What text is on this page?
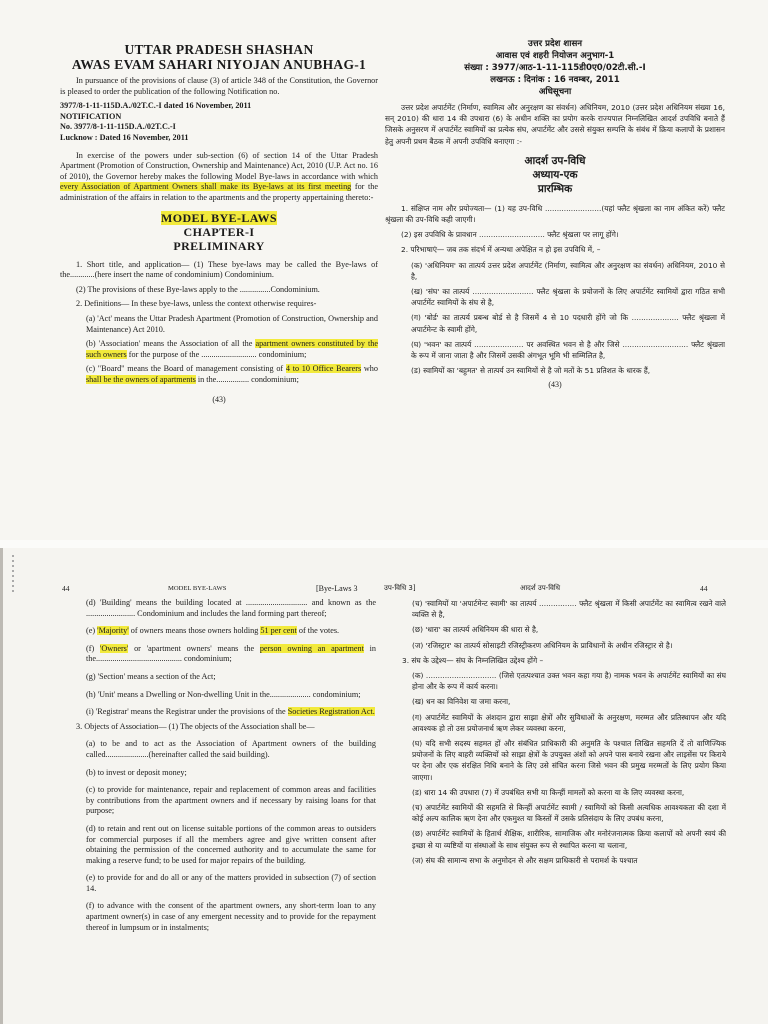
UTTAR PRADESH SHASHAN
AWAS EVAM SAHARI NIYOJAN ANUBHAG-1

In pursuance of the provisions of clause (3) of article 348 of the Constitution, the Governor is pleased to order the publication of the following Notification no.

3977/8-1-11-115D.A./02T.C.-I dated 16 November, 2011

NOTIFICATION

No. 3977/8-1-11-115D.A./02T.C.-I

Lucknow : Dated 16 November, 2011

In exercise of the powers under sub-section (6) of section 14 of the Uttar Pradesh Apartment (Promotion of Construction, Ownership and Maintenance) Act, 2010 (U.P. Act no. 16 of 2010), the Governor hereby makes the following Model Bye-laws in accordance with which every Association of Apartment Owners shall make its Bye-laws at its first meeting for the administration of the affairs in relation to the apartments and the property appertaining thereto:-

MODEL BYE-LAWS
CHAPTER-I
PRELIMINARY

1. Short title, and application— (1) These bye-laws may be called the Bye-laws of the............(here insert the name of condominium) Condominium.

(2) The provisions of these Bye-laws apply to the ...............Condominium.

2. Definitions— In these bye-laws, unless the context otherwise requires-

(a) 'Act' means the Uttar Pradesh Apartment (Promotion of Construction, Ownership and Maintenance) Act 2010.

(b) 'Association' means the Association of all the apartment owners constituted by the such owners for the purpose of the ........................... condominium;

(c) "Board" means the Board of management consisting of 4 to 10 Office Bearers who shall be the owners of apartments in the................ condominium;

(43)
उत्तर प्रदेश शासन
आवास एवं शहरी नियोजन अनुभाग-1
संख्या : 3977/आठ-1-11-115डी0ए0/02टी.सी.-I
लखनऊ : दिनांक : 16 नवम्बर, 2011
अधिसूचना

उत्तर प्रदेश अपार्टमेंट (निर्माण, स्वामित्व और अनुरक्षण का संवर्धन) अधिनियम, 2010 (उत्तर प्रदेश अधिनियम संख्या 16, सन् 2010) की धारा 14 की उपधारा (6) के अधीन शक्ति का प्रयोग करके राज्यपाल निम्नलिखित आदर्श उपविधि बनाते हैं जिसके अनुसरण में अपार्टमेंट स्वामियों का प्रत्येक संघ, अपार्टमेंट और उससे संयुक्त सम्पत्ति के संबंध में क्रिया कलापों के प्रशासन हेतु अपनी प्रथम बैठक में अपनी उपविधि बनाएगा :-

आदर्श उप-विधि
अध्याय-एक
प्रारम्भिक

1. संक्षिप्त नाम और प्रयोज्यता— (1) यह उप-विधि ........................(यहां फ्लैट श्रृंखला का नाम अंकित करें) फ्लैट श्रृंखला की उप-विधि कही जाएगी।

(2) इस उपविधि के प्रावधान ............................ फ्लैट श्रृंखला पर लागू होंगे।

2. परिभाषाएं— जब तक संदर्भ में अन्यथा अपेक्षित न हो इस उपविधि में, –

(क) 'अधिनियम' का तात्पर्य उत्तर प्रदेश अपार्टमेंट (निर्माण, स्वामित्व और अनुरक्षण का संवर्धन) अधिनियम, 2010 से है,

(ख) 'संघ' का तात्पर्य .......................... फ्लैट श्रृंखला के प्रयोजनों के लिए अपार्टमेंट स्वामियों द्वारा गठित सभी अपार्टमेंट स्वामियों के संघ से है,

(ग) 'बोर्ड' का तात्पर्य प्रबन्ध बोर्ड से है जिसमें 4 से 10 पदधारी होंगे जो कि .................... फ्लैट श्रृंखला में अपार्टमेन्ट के स्वामी होंगे,

(घ) 'भवन' का तात्पर्य ..................... पर अवस्थित भवन से है और जिसे ............................ फ्लैट श्रृंखला के रूप में जाना जाता है और जिसमें उसकी अंगभूत भूमि भी सम्मिलित है,

(ड) स्वामियों का 'बहुमत' से तात्पर्य उन स्वामियों से है जो मतों के 51 प्रतिशत के धारक हैं,

(43)
44	MODEL BYE-LAWS	[Bye-Laws 3	उप-विधि 3]	आदर्श उप-विधि	44

(d) 'Building' means the building located at .............................. and known as the ........................ Condominium and includes the land forming part thereof;

(e) 'Majority' of owners means those owners holding 51 per cent of the votes.

(f) 'Owners' or 'apartment owners' means the person owning an apartment in the.......................................... condominium;

(g) 'Section' means a section of the Act;

(h) 'Unit' means a Dwelling or Non-dwelling Unit in the.................... condominium;

(i) 'Registrar' means the Registrar under the provisions of the Societies Registration Act.

3. Objects of Association— (1) The objects of the Association shall be—

(a) to be and to act as the Association of Apartment owners of the building called.....................(hereinafter called the said building).

(b) to invest or deposit money;

(c) to provide for maintenance, repair and replacement of common areas and facilities by contributions from the apartment owners and if necessary by raising loans for that purpose;

(d) to retain and rent out on license suitable portions of the common areas to outsiders for commercial purposes if all the members agree and give written consent after obtaining the permission of the concerned authority and to accumulate the same for making a reserve fund; to be used for major repairs of the building.

(e) to provide for and do all or any of the matters provided in subsection (7) of section 14.

(f) to advance with the consent of the apartment owners, any short-term loan to any apartment owner(s) in case of any emergent necessity and to provide for the repayment thereof in lumpsum or in instalments;

(च) 'स्वामियों या 'अपार्टमेन्ट स्वामी' का तात्पर्य ................ फ्लैट श्रृंखला में किसी अपार्टमेंट का स्वामित्व रखने वाले व्यक्ति से है,

(छ) 'धारा' का तात्पर्य अधिनियम की धारा से है,

(ज) 'रजिस्ट्रार' का तात्पर्य सोसाइटी रजिस्ट्रीकरण अधिनियम के प्राविधानों के अधीन रजिस्ट्रार से है।

3. संघ के उद्देश्य— संघ के निम्नलिखित उद्देश्य होंगे –

(क) .............................. (जिसे एतत्पश्चात उक्त भवन कहा गया है) नामक भवन के अपार्टमेंट स्वामियों का संघ होना और के रूप में कार्य करना।

(ख) धन का विनिवेश या जमा करना,

(ग) अपार्टमेंट स्वामियों के अंशदान द्वारा साझा क्षेत्रों और सुविधाओं के अनुरक्षण, मरम्मत और प्रतिस्थापन और यदि आवश्यक हो तो उस प्रयोजनार्थ ऋण लेकर व्यवस्था करना,

(घ) यदि सभी सदस्य सहमत हों और संबंधित प्राधिकारी की अनुमति के पश्चात लिखित सहमति दें तो वाणिज्यिक प्रयोजनों के लिए बाहरी व्यक्तियों को साझा क्षेत्रों के उपयुक्त अंशों को अपने पास बनाये रखना और लाइसेंस पर किराये पर देना और एक संरक्षित निधि बनाने के लिए उसे संचित करना जिसे भवन की प्रमुख मरम्मतों के लिए प्रयोग किया जाएगा।

(ड) धारा 14 की उपधारा (7) में उपबंधित सभी या किन्हीं मामलों को करना या के लिए व्यवस्था करना,

(च) अपार्टमेंट स्वामियों की सहमति से किन्हीं अपार्टमेंट स्वामी / स्वामियों को किसी अत्यधिक आवश्यकता की दशा में कोई अल्प कालिक ऋण देना और एकमुश्त या किस्तों में उसके प्रतिसंदाय के लिए उपबंध करना,

(छ) अपार्टमेंट स्वामियों के हितार्थ शैक्षिक, शारीरिक, सामाजिक और मनोरंजनात्मक क्रिया कलापों को अपनी स्वयं की इच्छा से या व्यष्टियों या संस्थाओं के साथ संयुक्त रूप से स्थापित करना या चलाना,

(ज) संघ की सामान्य सभा के अनुमोदन से और सक्षम प्राधिकारी से परामर्श के पश्चात
